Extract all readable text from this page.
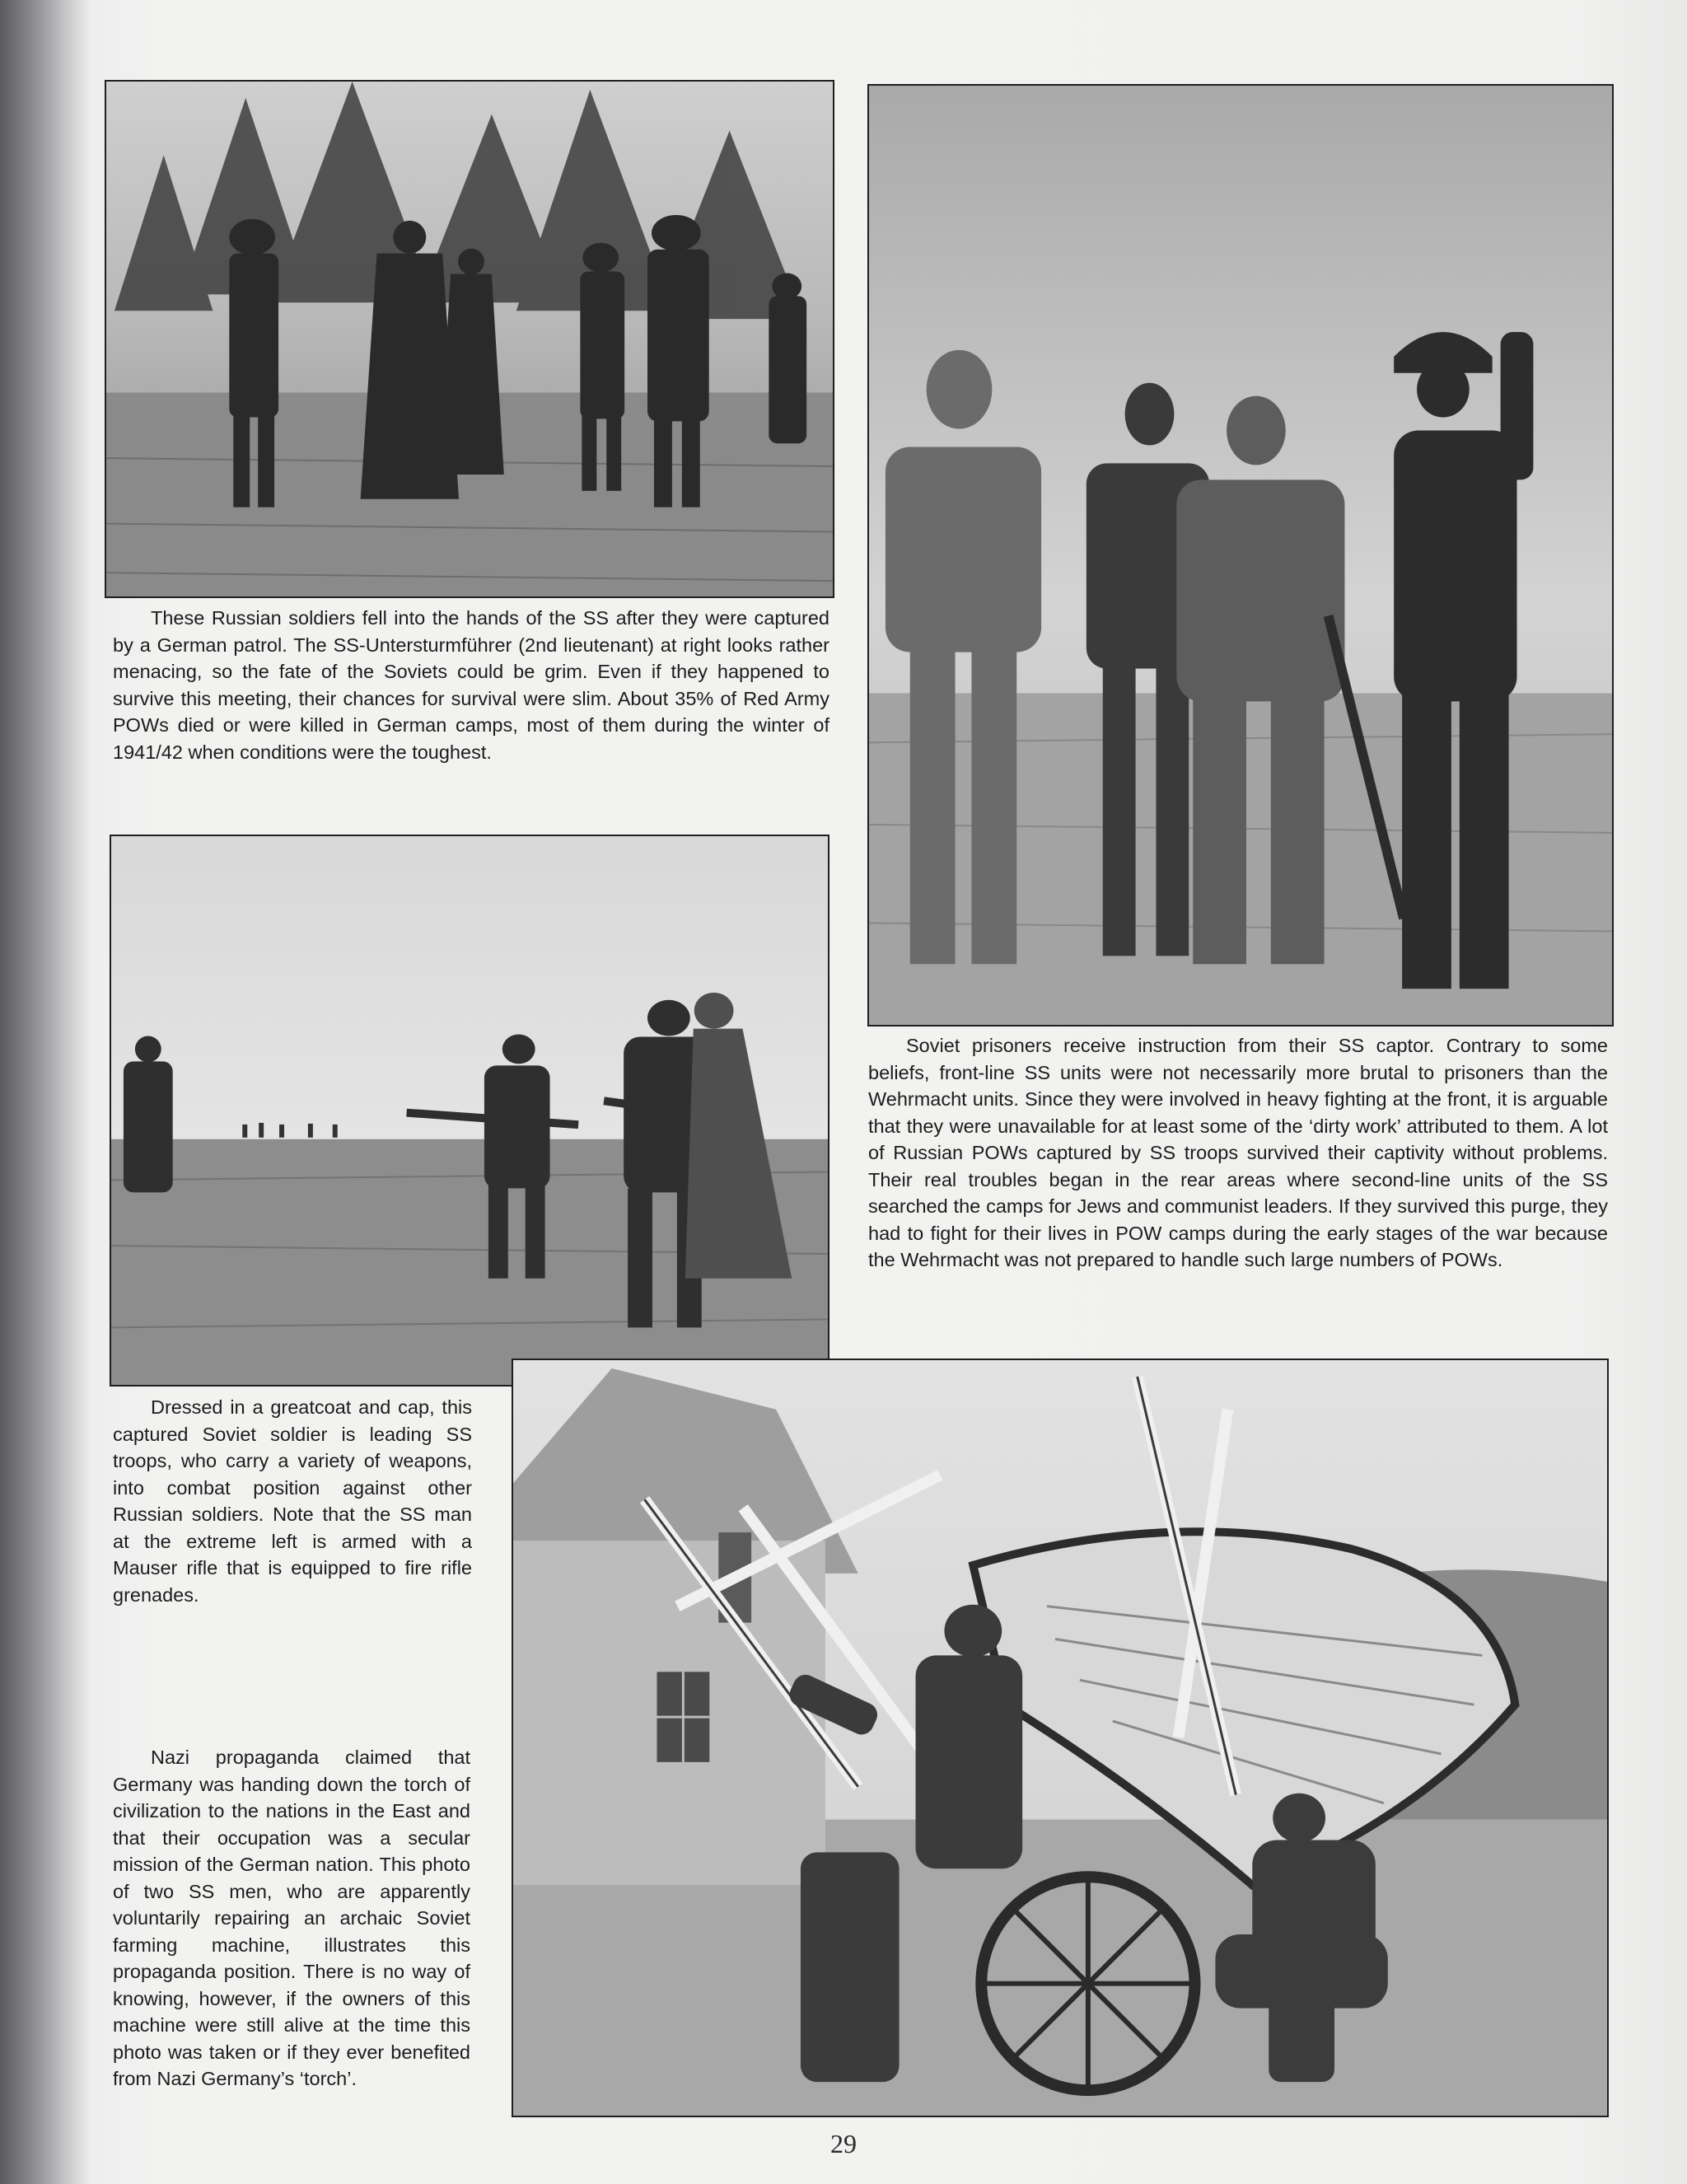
These Russian soldiers fell into the hands of the SS after they were captured by a German patrol. The SS-Untersturmführer (2nd lieutenant) at right looks rather menacing, so the fate of the Soviets could be grim. Even if they happened to survive this meeting, their chances for survival were slim. About 35% of Red Army POWs died or were killed in German camps, most of them during the winter of 1941/42 when conditions were the toughest.

Soviet prisoners receive instruction from their SS captor. Contrary to some beliefs, front-line SS units were not necessarily more brutal to prisoners than the Wehrmacht units. Since they were involved in heavy fighting at the front, it is arguable that they were unavailable for at least some of the ‘dirty work’ attributed to them. A lot of Russian POWs captured by SS troops survived their captivity without problems. Their real troubles began in the rear areas where second-line units of the SS searched the camps for Jews and communist leaders. If they survived this purge, they had to fight for their lives in POW camps during the early stages of the war because the Wehrmacht was not prepared to handle such large numbers of POWs.

Dressed in a greatcoat and cap, this captured Soviet soldier is leading SS troops, who carry a variety of weapons, into combat position against other Russian soldiers. Note that the SS man at the extreme left is armed with a Mauser rifle that is equipped to fire rifle grenades.

Nazi propaganda claimed that Germany was handing down the torch of civilization to the nations in the East and that their occupation was a secular mission of the German nation. This photo of two SS men, who are apparently voluntarily repairing an archaic Soviet farming machine, illustrates this propaganda position. There is no way of knowing, however, if the owners of this machine were still alive at the time this photo was taken or if they ever benefited from Nazi Germany’s ‘torch’.

29
